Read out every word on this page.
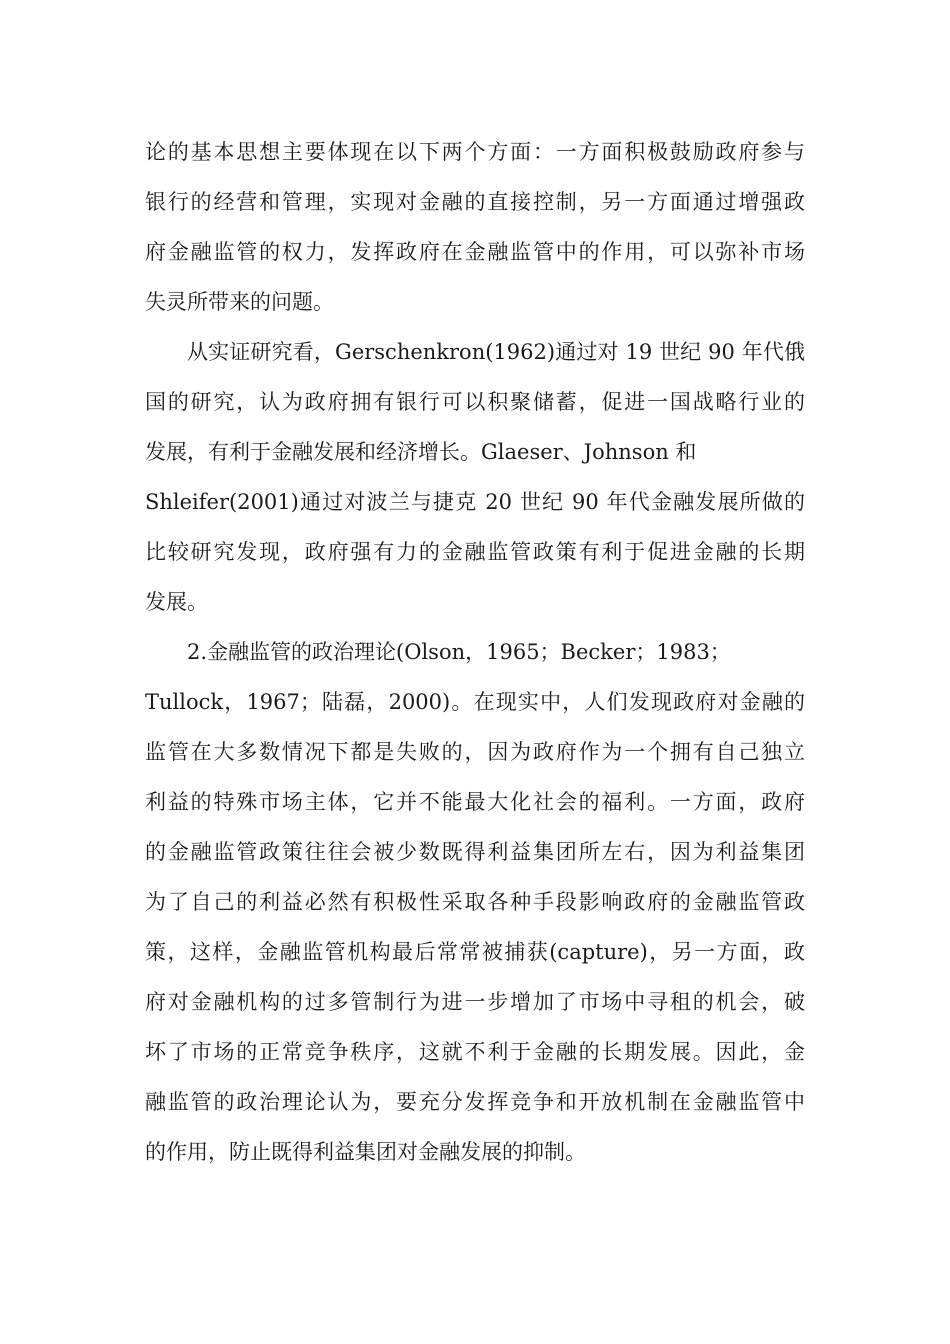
论的基本思想主要体现在以下两个方面：一方面积极鼓励政府参与
银行的经营和管理，实现对金融的直接控制，另一方面通过增强政
府金融监管的权力，发挥政府在金融监管中的作用，可以弥补市场
失灵所带来的问题。
从实证研究看，Gerschenkron(1962)通过对 19 世纪 90 年代俄
国的研究，认为政府拥有银行可以积聚储蓄，促进一国战略行业的
发展，有利于金融发展和经济增长。Glaeser、Johnson 和
Shleifer(2001)通过对波兰与捷克 20 世纪 90 年代金融发展所做的
比较研究发现，政府强有力的金融监管政策有利于促进金融的长期
发展。
2.金融监管的政治理论(Olson，1965；Becker；1983；
Tullock，1967；陆磊，2000)。在现实中，人们发现政府对金融的
监管在大多数情况下都是失败的，因为政府作为一个拥有自己独立
利益的特殊市场主体，它并不能最大化社会的福利。一方面，政府
的金融监管政策往往会被少数既得利益集团所左右，因为利益集团
为了自己的利益必然有积极性采取各种手段影响政府的金融监管政
策，这样，金融监管机构最后常常被捕获(capture)，另一方面，政
府对金融机构的过多管制行为进一步增加了市场中寻租的机会，破
坏了市场的正常竞争秩序，这就不利于金融的长期发展。因此，金
融监管的政治理论认为，要充分发挥竞争和开放机制在金融监管中
的作用，防止既得利益集团对金融发展的抑制。
